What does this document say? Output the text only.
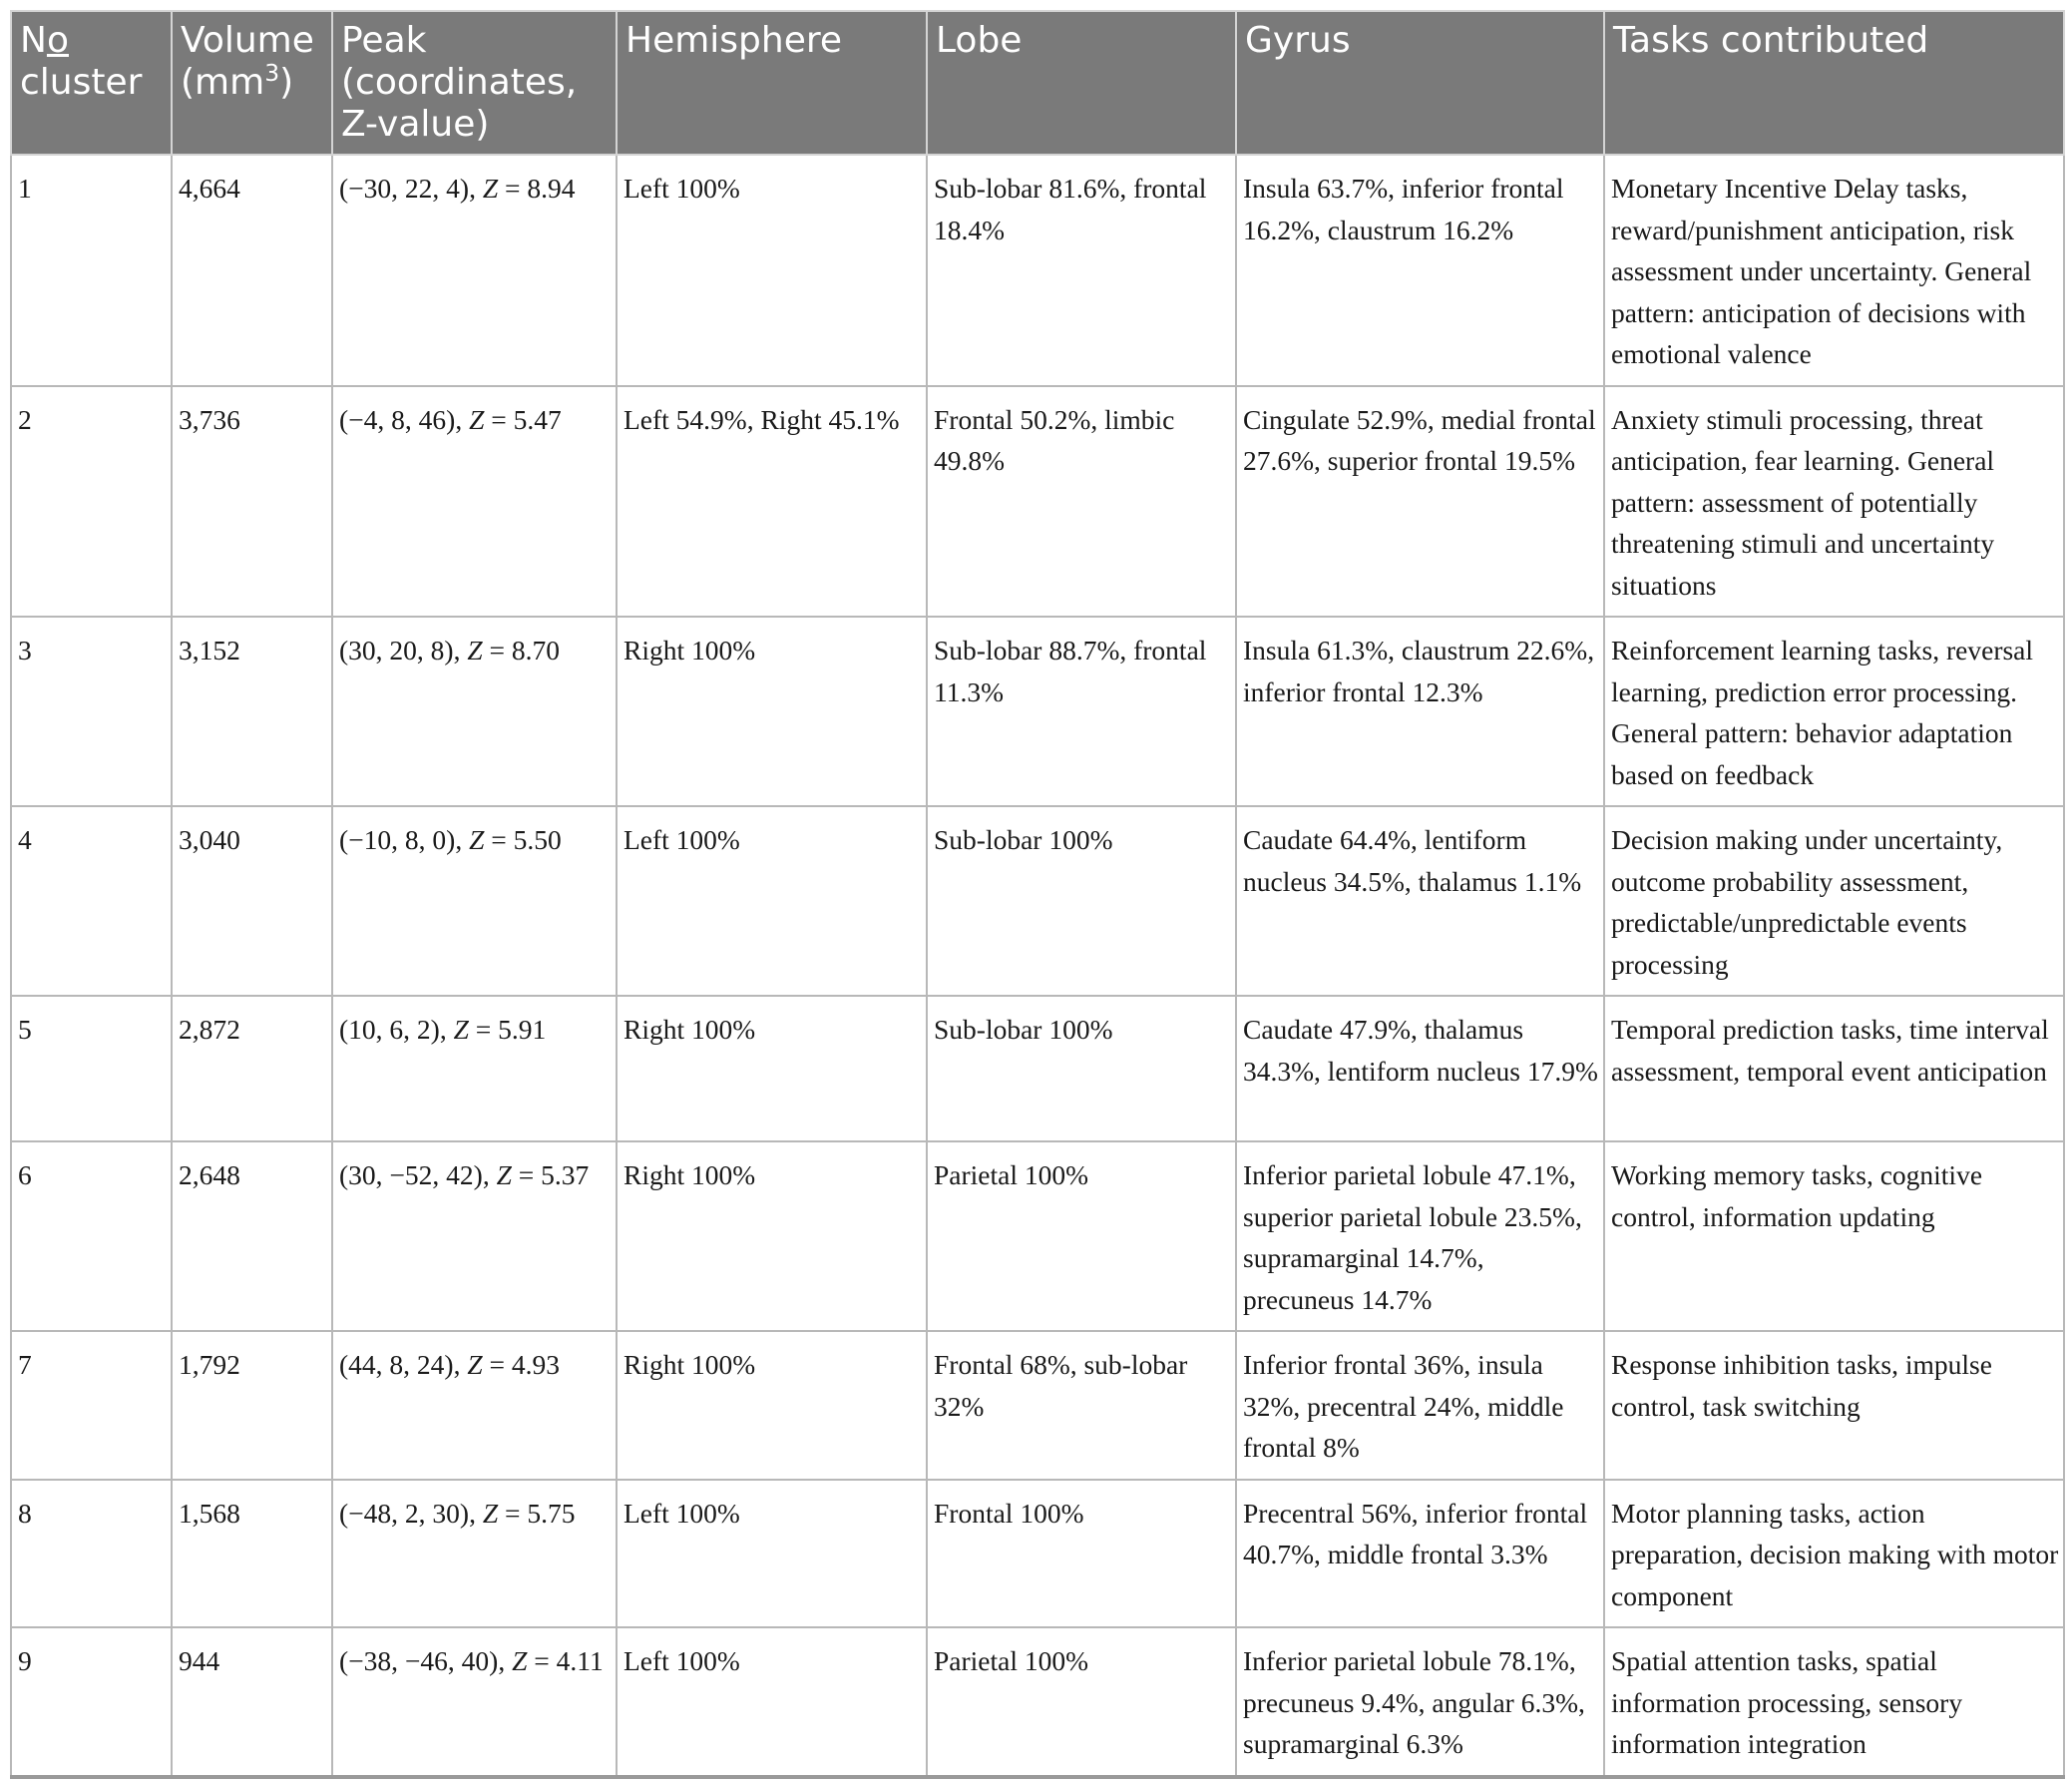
No
cluster	Volume $(mm^3)$	Peak (coordinates, Z-value)	Hemisphere	Lobe	Gyrus	Tasks contributed
1	4,664	(−30, 22, 4), Z = 8.94	Left 100%	Sub-lobar 81.6%, frontal 18.4%	Insula 63.7%, inferior frontal 16.2%, claustrum 16.2%	Monetary Incentive Delay tasks, reward/punishment anticipation, risk assessment under uncertainty. General pattern: anticipation of decisions with emotional valence
2	3,736	(−4, 8, 46), Z = 5.47	Left 54.9%, Right 45.1%	Frontal 50.2%, limbic 49.8%	Cingulate 52.9%, medial frontal 27.6%, superior frontal 19.5%	Anxiety stimuli processing, threat anticipation, fear learning. General pattern: assessment of potentially threatening stimuli and uncertainty situations
3	3,152	(30, 20, 8), Z = 8.70	Right 100%	Sub-lobar 88.7%, frontal 11.3%	Insula 61.3%, claustrum 22.6%, inferior frontal 12.3%	Reinforcement learning tasks, reversal learning, prediction error processing. General pattern: behavior adaptation based on feedback
4	3,040	(−10, 8, 0), Z = 5.50	Left 100%	Sub-lobar 100%	Caudate 64.4%, lentiform nucleus 34.5%, thalamus 1.1%	Decision making under uncertainty, outcome probability assessment, predictable/unpredictable events processing
5	2,872	(10, 6, 2), Z = 5.91	Right 100%	Sub-lobar 100%	Caudate 47.9%, thalamus 34.3%, lentiform nucleus 17.9%	Temporal prediction tasks, time interval assessment, temporal event anticipation
6	2,648	(30, −52, 42), Z = 5.37	Right 100%	Parietal 100%	Inferior parietal lobule 47.1%, superior parietal lobule 23.5%, supramarginal 14.7%, precuneus 14.7%	Working memory tasks, cognitive control, information updating
7	1,792	(44, 8, 24), Z = 4.93	Right 100%	Frontal 68%, sub-lobar 32%	Inferior frontal 36%, insula 32%, precentral 24%, middle frontal 8%	Response inhibition tasks, impulse control, task switching
8	1,568	(−48, 2, 30), Z = 5.75	Left 100%	Frontal 100%	Precentral 56%, inferior frontal 40.7%, middle frontal 3.3%	Motor planning tasks, action preparation, decision making with motor component
9	944	(−38, −46, 40), Z = 4.11	Left 100%	Parietal 100%	Inferior parietal lobule 78.1%, precuneus 9.4%, angular 6.3%, supramarginal 6.3%	Spatial attention tasks, spatial information processing, sensory information integration
